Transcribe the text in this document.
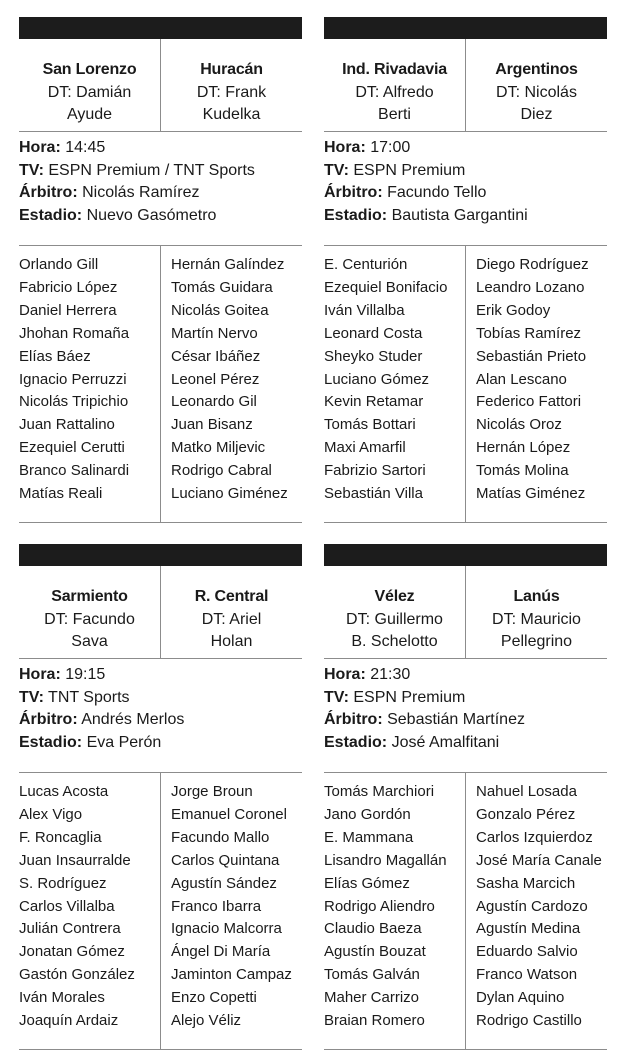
San Lorenzo
DT: Damián
Ayude
Huracán
DT: Frank
Kudelka
Hora: 14:45
TV: ESPN Premium / TNT Sports
Árbitro: Nicolás Ramírez
Estadio: Nuevo Gasómetro
Orlando Gill
Fabricio López
Daniel Herrera
Jhohan Romaña
Elías Báez
Ignacio Perruzzi
Nicolás Tripichio
Juan Rattalino
Ezequiel Cerutti
Branco Salinardi
Matías Reali
Hernán Galíndez
Tomás Guidara
Nicolás Goitea
Martín Nervo
César Ibáñez
Leonel Pérez
Leonardo Gil
Juan Bisanz
Matko Miljevic
Rodrigo Cabral
Luciano Giménez
Ind. Rivadavia
DT: Alfredo
Berti
Argentinos
DT: Nicolás
Diez
Hora: 17:00
TV: ESPN Premium
Árbitro: Facundo Tello
Estadio: Bautista Gargantini
E. Centurión
Ezequiel Bonifacio
Iván Villalba
Leonard Costa
Sheyko Studer
Luciano Gómez
Kevin Retamar
Tomás Bottari
Maxi Amarfil
Fabrizio Sartori
Sebastián Villa
Diego Rodríguez
Leandro Lozano
Erik Godoy
Tobías Ramírez
Sebastián Prieto
Alan Lescano
Federico Fattori
Nicolás Oroz
Hernán López
Tomás Molina
Matías Giménez
Sarmiento
DT: Facundo
Sava
R. Central
DT: Ariel
Holan
Hora: 19:15
TV: TNT Sports
Árbitro: Andrés Merlos
Estadio: Eva Perón
Lucas Acosta
Alex Vigo
F. Roncaglia
Juan Insaurralde
S. Rodríguez
Carlos Villalba
Julián Contrera
Jonatan Gómez
Gastón González
Iván Morales
Joaquín Ardaiz
Jorge Broun
Emanuel Coronel
Facundo Mallo
Carlos Quintana
Agustín Sández
Franco Ibarra
Ignacio Malcorra
Ángel Di María
Jaminton Campaz
Enzo Copetti
Alejo Véliz
Vélez
DT: Guillermo
B. Schelotto
Lanús
DT: Mauricio
Pellegrino
Hora: 21:30
TV: ESPN Premium
Árbitro: Sebastián Martínez
Estadio: José Amalfitani
Tomás Marchiori
Jano Gordón
E. Mammana
Lisandro Magallán
Elías Gómez
Rodrigo Aliendro
Claudio Baeza
Agustín Bouzat
Tomás Galván
Maher Carrizo
Braian Romero
Nahuel Losada
Gonzalo Pérez
Carlos Izquierdoz
José María Canale
Sasha Marcich
Agustín Cardozo
Agustín Medina
Eduardo Salvio
Franco Watson
Dylan Aquino
Rodrigo Castillo
